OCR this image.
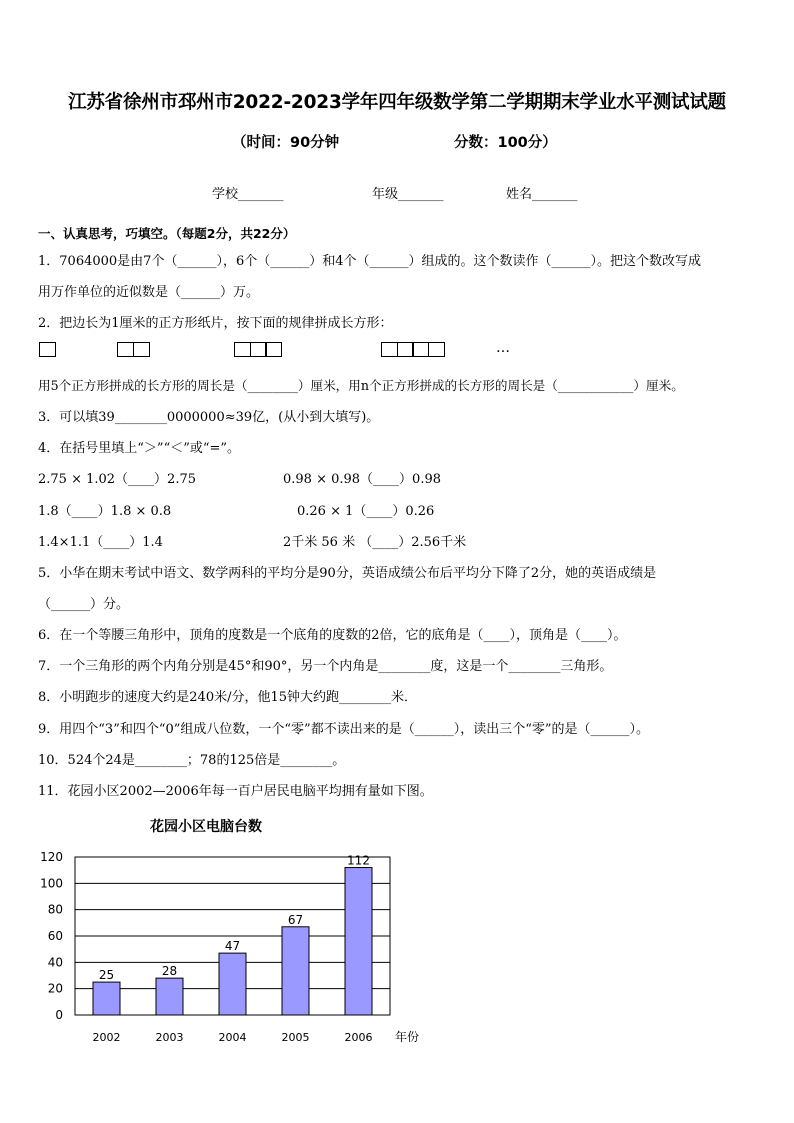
江苏省徐州市邳州市2022-2023学年四年级数学第二学期期末学业水平测试试题
（时间：90分钟	分数：100分）
学校_______	年级_______	姓名_______
一、认真思考，巧填空。（每题2分，共22分）
1．7064000是由7个（______），6个（______）和4个（______）组成的。这个数读作（______）。把这个数改写成
用万作单位的近似数是（______）万。
2．把边长为1厘米的正方形纸片，按下面的规律拼成长方形：
…
用5个正方形拼成的长方形的周长是（________）厘米，用n个正方形拼成的长方形的周长是（____________）厘米。
3．可以填39________0000000≈39亿，(从小到大填写)。
4．在括号里填上“＞”“＜”或“=”。
2.75 × 1.02（____）2.75	0.98 × 0.98（____）0.98
1.8（____）1.8 × 0.8	0.26 × 1（____）0.26
1.4×1.1（____）1.4	2千米 56 米 （____）2.56千米
5．小华在期末考试中语文、数学两科的平均分是90分，英语成绩公布后平均分下降了2分，她的英语成绩是
（______）分。
6．在一个等腰三角形中，顶角的度数是一个底角的度数的2倍，它的底角是（____），顶角是（____）。
7．一个三角形的两个内角分别是45°和90°，另一个内角是________度，这是一个________三角形。
8．小明跑步的速度大约是240米/分，他15钟大约跑________米．
9．用四个“3”和四个“0”组成八位数，一个“零”都不读出来的是（______），读出三个“零”的是（______）。
10．524个24是________；78的125倍是________。
11．花园小区2002—2006年每一百户居民电脑平均拥有量如下图。
花园小区电脑台数
0
20
40
60
80
100
120
25
2002
28
2003
47
2004
67
2005
112
2006 年份
